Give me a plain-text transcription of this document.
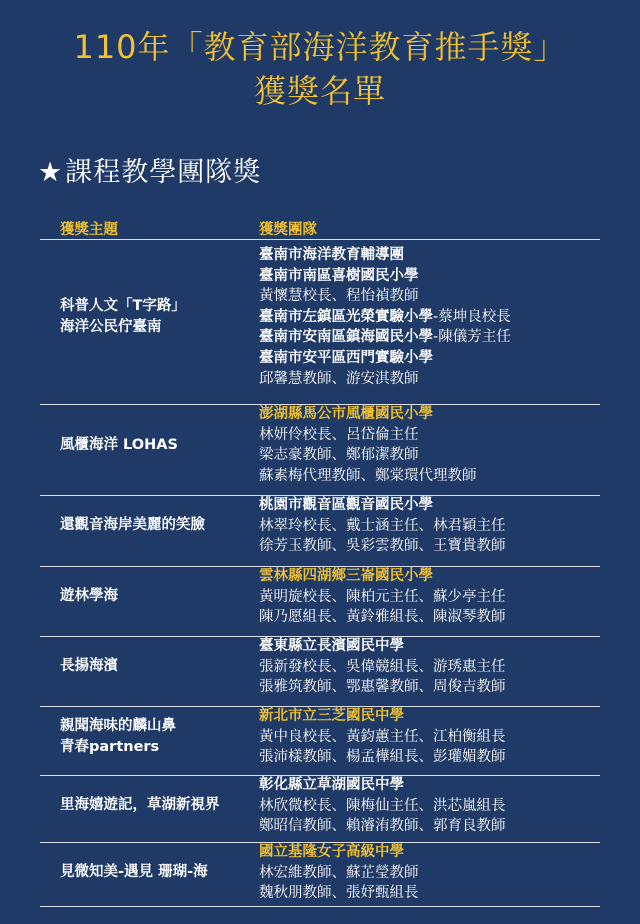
110年「教育部海洋教育推手獎」
獲獎名單
★課程教學團隊獎
獲獎主題	獲獎團隊
臺南市海洋教育輔導團
臺南市南區喜樹國民小學
黃懷慧校長、程怡禎教師
臺南市左鎮區光榮實驗小學-蔡坤良校長
臺南市安南區鎮海國民小學-陳儀芳主任
臺南市安平區西門實驗小學
邱馨慧教師、游安淇教師
科普人文「T字路」
海洋公民佇臺南
澎湖縣馬公市風櫃國民小學
林妍伶校長、呂岱倫主任
梁志豪教師、鄭郁潔教師
蘇素梅代理教師、鄭棠環代理教師
風櫃海洋 LOHAS
桃園市觀音區觀音國民小學
林翠玲校長、戴士涵主任、林君穎主任
徐芳玉教師、吳彩雲教師、王寶貴教師
還觀音海岸美麗的笑臉
雲林縣四湖鄉三崙國民小學
黃明旋校長、陳柏元主任、蘇少亭主任
陳乃愿組長、黃鈴雅組長、陳淑琴教師
遊林學海
臺東縣立長濱國民中學
張新發校長、吳偉競組長、游琇惠主任
張雅筑教師、鄂惠馨教師、周俊吉教師
長揚海濱
新北市立三芝國民中學
黃中良校長、黃鈞蕙主任、江柏衡組長
張沛樣教師、楊孟樺組長、彭瓘媚教師
親聞海味的麟山鼻
青春partners
彰化縣立草湖國民中學
林欣微校長、陳梅仙主任、洪芯嵐組長
鄭昭信教師、賴濬洧教師、郭育良教師
里海嬉遊記，草湖新視界
國立基隆女子高級中學
林宏維教師、蘇芷瑩教師
魏秋朋教師、張妤甄組長
見微知美-遇見 珊瑚-海
